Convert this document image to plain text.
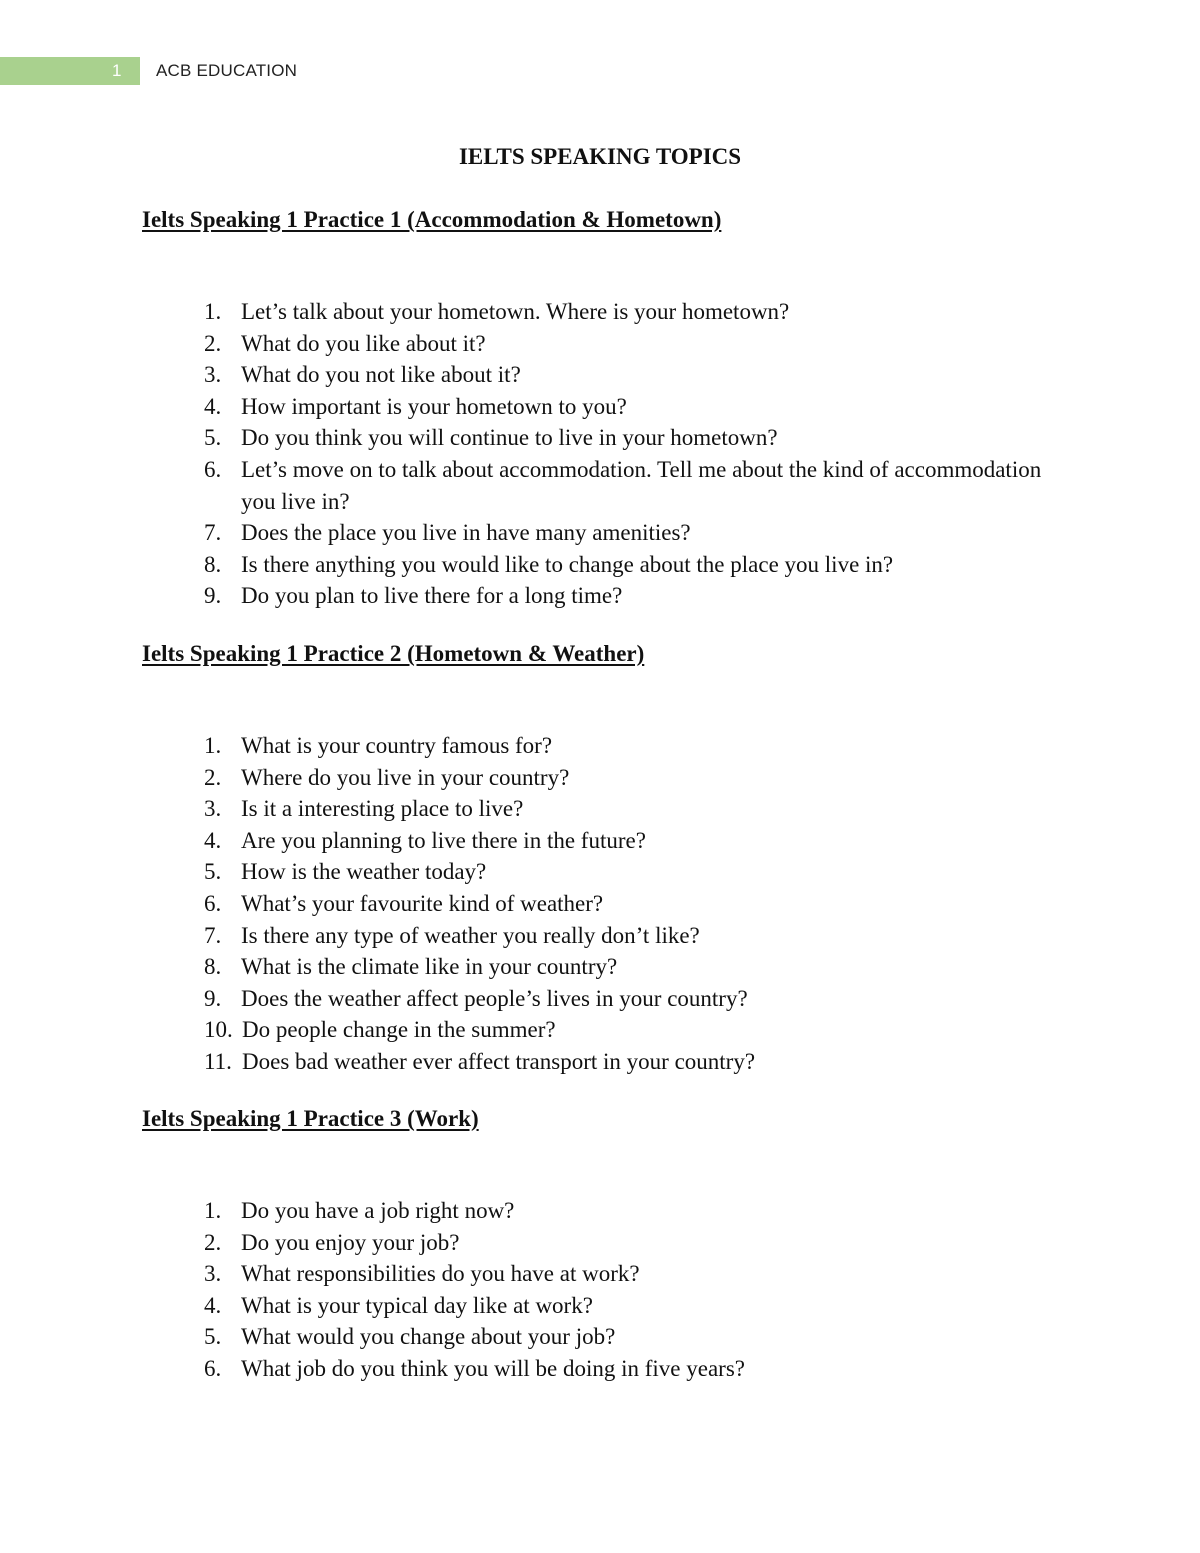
1	ACB EDUCATION
IELTS SPEAKING TOPICS
Ielts Speaking 1 Practice 1 (Accommodation & Hometown)
1. Let’s talk about your hometown. Where is your hometown?
2. What do you like about it?
3. What do you not like about it?
4. How important is your hometown to you?
5. Do you think you will continue to live in your hometown?
6. Let’s move on to talk about accommodation. Tell me about the kind of accommodation you live in?
7. Does the place you live in have many amenities?
8. Is there anything you would like to change about the place you live in?
9. Do you plan to live there for a long time?
Ielts Speaking 1 Practice 2 (Hometown & Weather)
1. What is your country famous for?
2. Where do you live in your country?
3. Is it a interesting place to live?
4. Are you planning to live there in the future?
5. How is the weather today?
6. What’s your favourite kind of weather?
7. Is there any type of weather you really don’t like?
8. What is the climate like in your country?
9. Does the weather affect people’s lives in your country?
10. Do people change in the summer?
11. Does bad weather ever affect transport in your country?
Ielts Speaking 1 Practice 3 (Work)
1. Do you have a job right now?
2. Do you enjoy your job?
3. What responsibilities do you have at work?
4. What is your typical day like at work?
5. What would you change about your job?
6. What job do you think you will be doing in five years?
